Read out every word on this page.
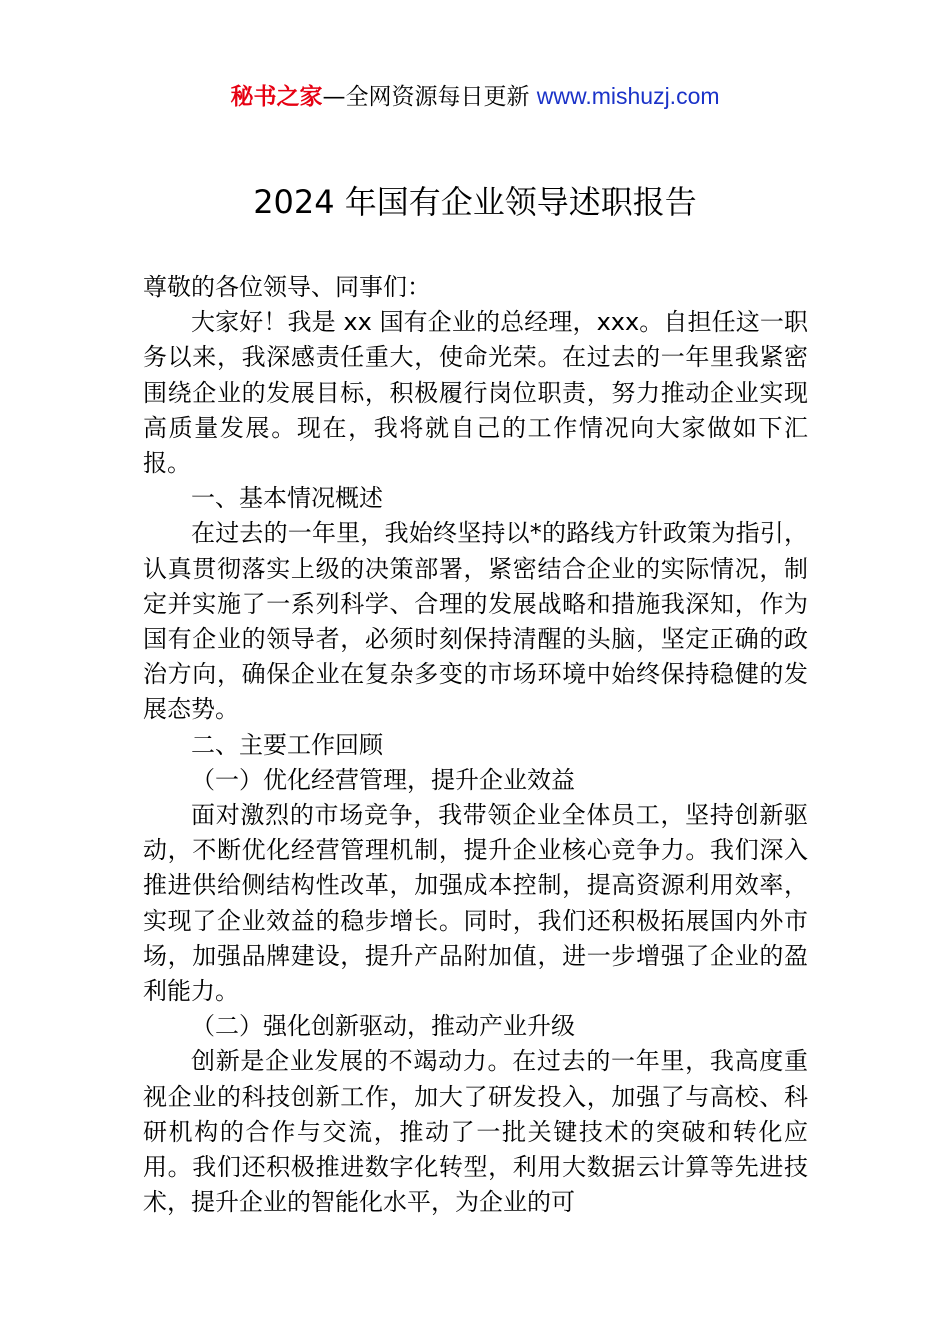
秘书之家—全网资源每日更新 www.mishuzj.com
2024 年国有企业领导述职报告

尊敬的各位领导、同事们：

大家好！我是 xx 国有企业的总经理，xxx。自担任这一职务以来，我深感责任重大，使命光荣。在过去的一年里我紧密围绕企业的发展目标，积极履行岗位职责，努力推动企业实现高质量发展。现在，我将就自己的工作情况向大家做如下汇报。

一、基本情况概述

在过去的一年里，我始终坚持以*的路线方针政策为指引，认真贯彻落实上级的决策部署，紧密结合企业的实际情况，制定并实施了一系列科学、合理的发展战略和措施我深知，作为国有企业的领导者，必须时刻保持清醒的头脑，坚定正确的政治方向，确保企业在复杂多变的市场环境中始终保持稳健的发展态势。

二、主要工作回顾

（一）优化经营管理，提升企业效益

面对激烈的市场竞争，我带领企业全体员工，坚持创新驱动，不断优化经营管理机制，提升企业核心竞争力。我们深入推进供给侧结构性改革，加强成本控制，提高资源利用效率，实现了企业效益的稳步增长。同时，我们还积极拓展国内外市场，加强品牌建设，提升产品附加值，进一步增强了企业的盈利能力。

（二）强化创新驱动，推动产业升级

创新是企业发展的不竭动力。在过去的一年里，我高度重视企业的科技创新工作，加大了研发投入，加强了与高校、科研机构的合作与交流，推动了一批关键技术的突破和转化应用。我们还积极推进数字化转型，利用大数据云计算等先进技术，提升企业的智能化水平，为企业的可
